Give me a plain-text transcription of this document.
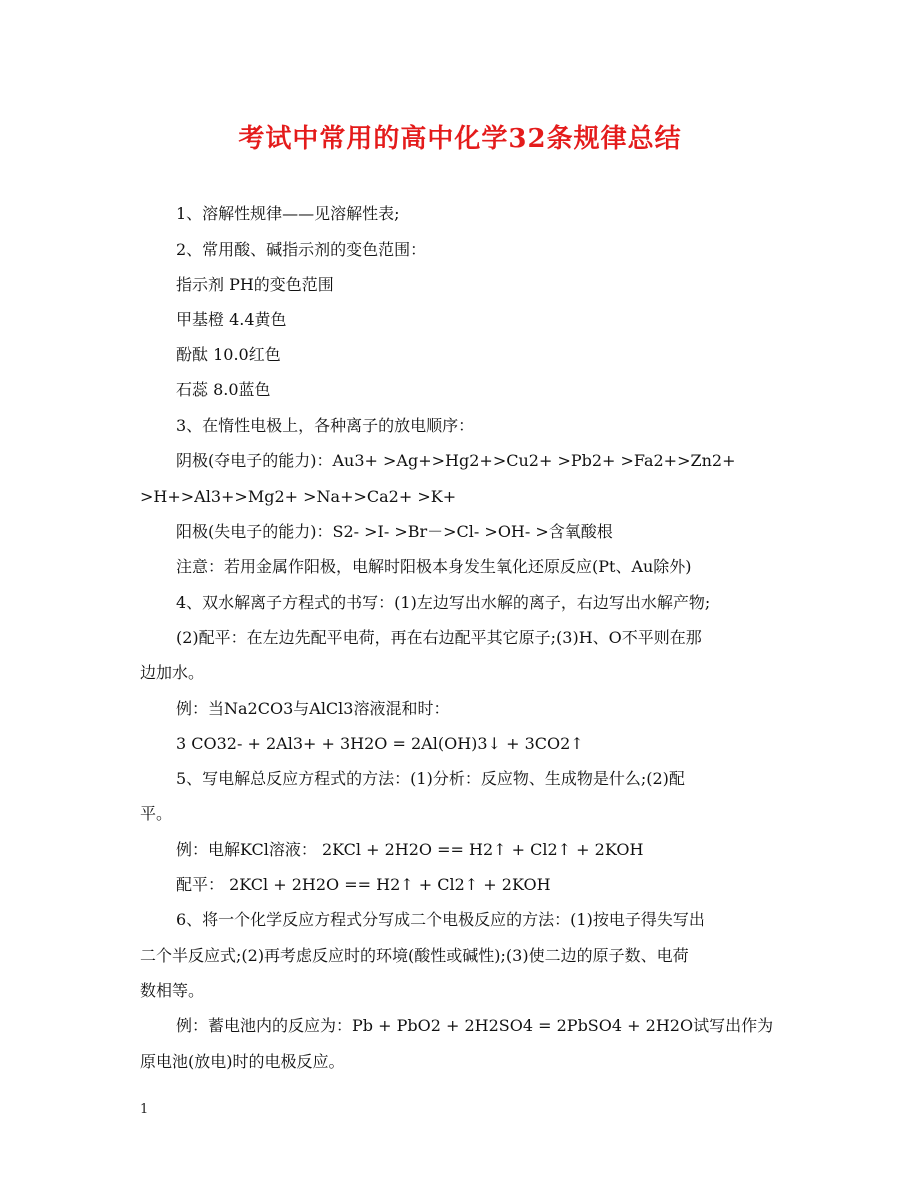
考试中常用的高中化学32条规律总结
1、溶解性规律——见溶解性表;
2、常用酸、碱指示剂的变色范围：
指示剂 PH的变色范围
甲基橙 4.4黄色
酚酞 10.0红色
石蕊 8.0蓝色
3、在惰性电极上，各种离子的放电顺序：
阴极(夺电子的能力)：Au3+ >Ag+>Hg2+>Cu2+ >Pb2+ >Fa2+>Zn2+
>H+>Al3+>Mg2+ >Na+>Ca2+ >K+
阳极(失电子的能力)：S2- >I- >Br－>Cl- >OH- >含氧酸根
注意：若用金属作阳极，电解时阳极本身发生氧化还原反应(Pt、Au除外)
4、双水解离子方程式的书写：(1)左边写出水解的离子，右边写出水解产物;
(2)配平：在左边先配平电荷，再在右边配平其它原子;(3)H、O不平则在那
边加水。
例：当Na2CO3与AlCl3溶液混和时：
3 CO32- + 2Al3+ + 3H2O = 2Al(OH)3↓ + 3CO2↑
5、写电解总反应方程式的方法：(1)分析：反应物、生成物是什么;(2)配
平。
例：电解KCl溶液： 2KCl + 2H2O == H2↑ + Cl2↑ + 2KOH
配平： 2KCl + 2H2O == H2↑ + Cl2↑ + 2KOH
6、将一个化学反应方程式分写成二个电极反应的方法：(1)按电子得失写出
二个半反应式;(2)再考虑反应时的环境(酸性或碱性);(3)使二边的原子数、电荷
数相等。
例：蓄电池内的反应为：Pb + PbO2 + 2H2SO4 = 2PbSO4 + 2H2O试写出作为
原电池(放电)时的电极反应。
1
